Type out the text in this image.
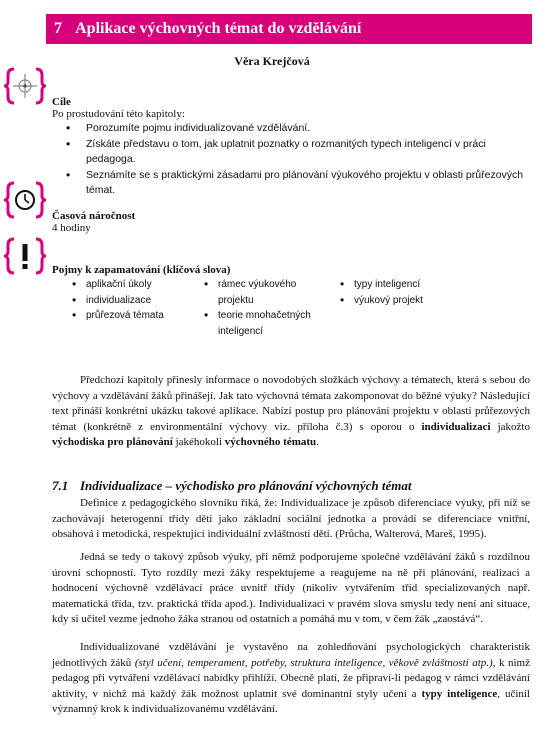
7 Aplikace výchovných témat do vzdělávání
Věra Krejčová
Cíle
Po prostudování této kapitoly:
• Porozumíte pojmu individualizované vzdělávání.
• Získáte představu o tom, jak uplatnit poznatky o rozmanitých typech inteligencí v práci pedagoga.
• Seznámíte se s praktickými zásadami pro plánování výukového projektu v oblasti průřezových témat.
Časová náročnost
4 hodiny
Pojmy k zapamatování (klíčová slova)
• aplikační úkoly
• individualizace
• průřezová témata
• rámec výukového projektu
• teorie mnohačetných inteligencí
• typy inteligencí
• výukový projekt

Předchozí kapitoly přinesly informace o novodobých složkách výchovy a tématech, která s sebou do výchovy a vzdělávání žáků přinášejí. Jak tato výchovná témata zakomponovat do běžné výuky? Následující text přináší konkrétní ukázku takové aplikace. Nabízí postup pro plánování projektu v oblasti průřezových témat (konkrétně z environmentální výchovy viz. příloha č.3) s oporou o individualizaci jakožto východiska pro plánování jakéhokoli výchovného tématu.

7.1 Individualizace – východisko pro plánování výchovných témat

Definice z pedagogického slovníku říká, že: Individualizace je způsob diferenciace výuky, při níž se zachovávají heterogenní třídy dětí jako základní sociální jednotka a provádí se diferenciace vnitřní, obsahová i metodická, respektující individuální zvláštnosti dětí. (Průcha, Walterová, Mareš, 1995).

Jedná se tedy o takový způsob výuky, při němž podporujeme společné vzdělávání žáků s rozdílnou úrovní schopností. Tyto rozdíly mezi žáky respektujeme a reagujeme na ně při plánování, realizaci a hodnocení výchovně vzdělávací práce uvnitř třídy (nikoliv vytvářením tříd specializovaných např. matematická třída, tzv. praktická třída apod.). Individualizaci v pravém slova smyslu tedy není ani situace, kdy si učitel vezme jednoho žáka stranou od ostatních a pomáhá mu v tom, v čem žák „zaostává“.

Individualizované vzdělávání je vystavěno na zohledňování psychologických charakteristik jednotlivých žáků (styl učení, temperament, potřeby, struktura inteligence, věkově zvláštnosti atp.), k nimž pedagog při vytváření vzdělávací nabídky přihlíží. Obecně platí, že připraví-li pedagog v rámci vzdělávání aktivity, v nichž má každý žák možnost uplatnit své dominantní styly učení a typy inteligence, učinil významný krok k individualizovanému vzdělávání.
